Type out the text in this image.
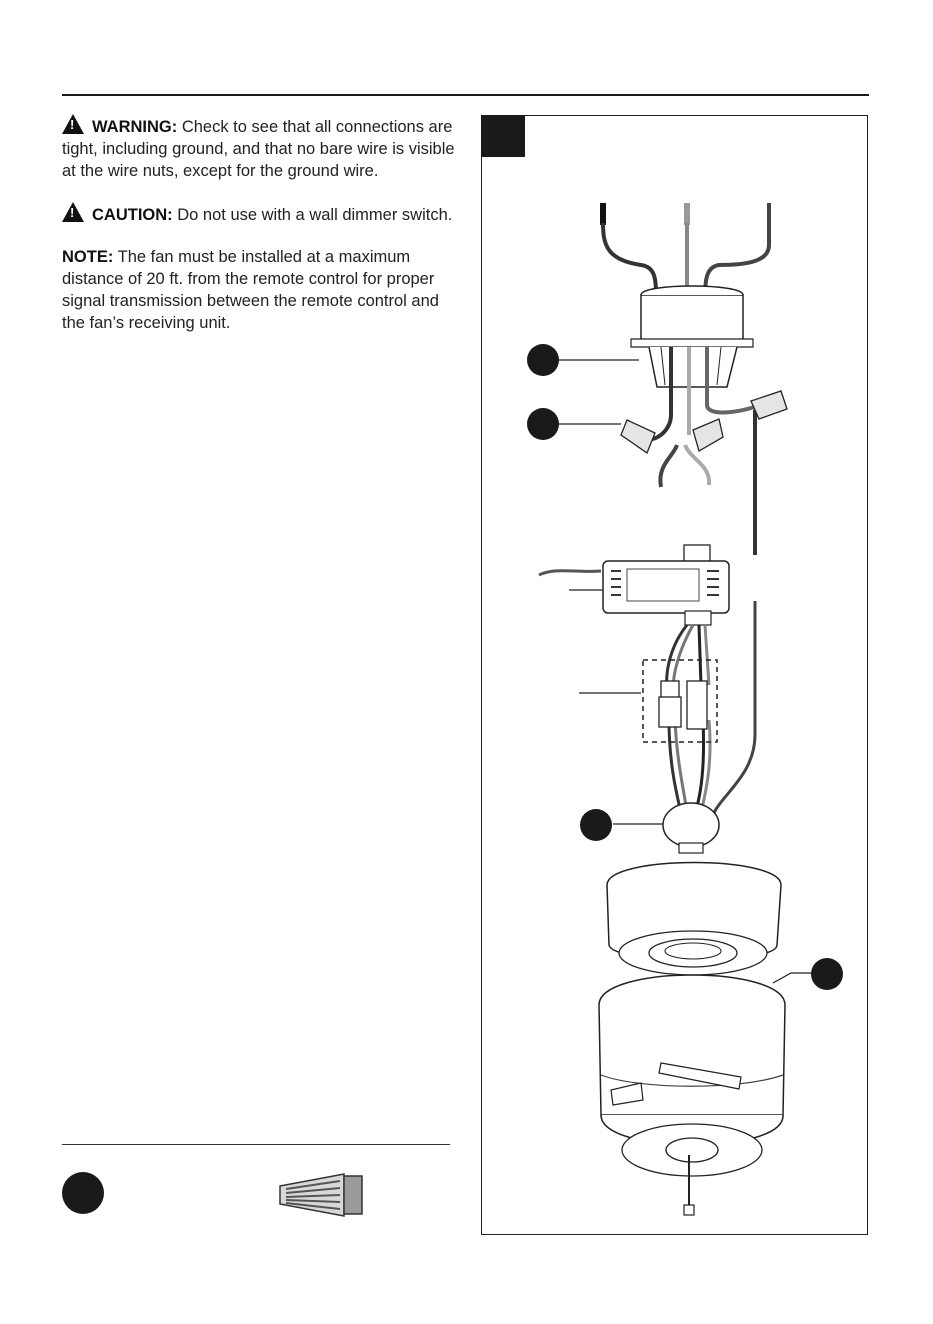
!WARNING: Check to see that all connections are tight, including ground, and that no bare wire is visible at the wire nuts, except for the ground wire.

!CAUTION: Do not use with a wall dimmer switch.

NOTE: The fan must be installed at a maximum distance of 20 ft. from the remote control for proper signal transmission between the remote control and the fan’s receiving unit.
